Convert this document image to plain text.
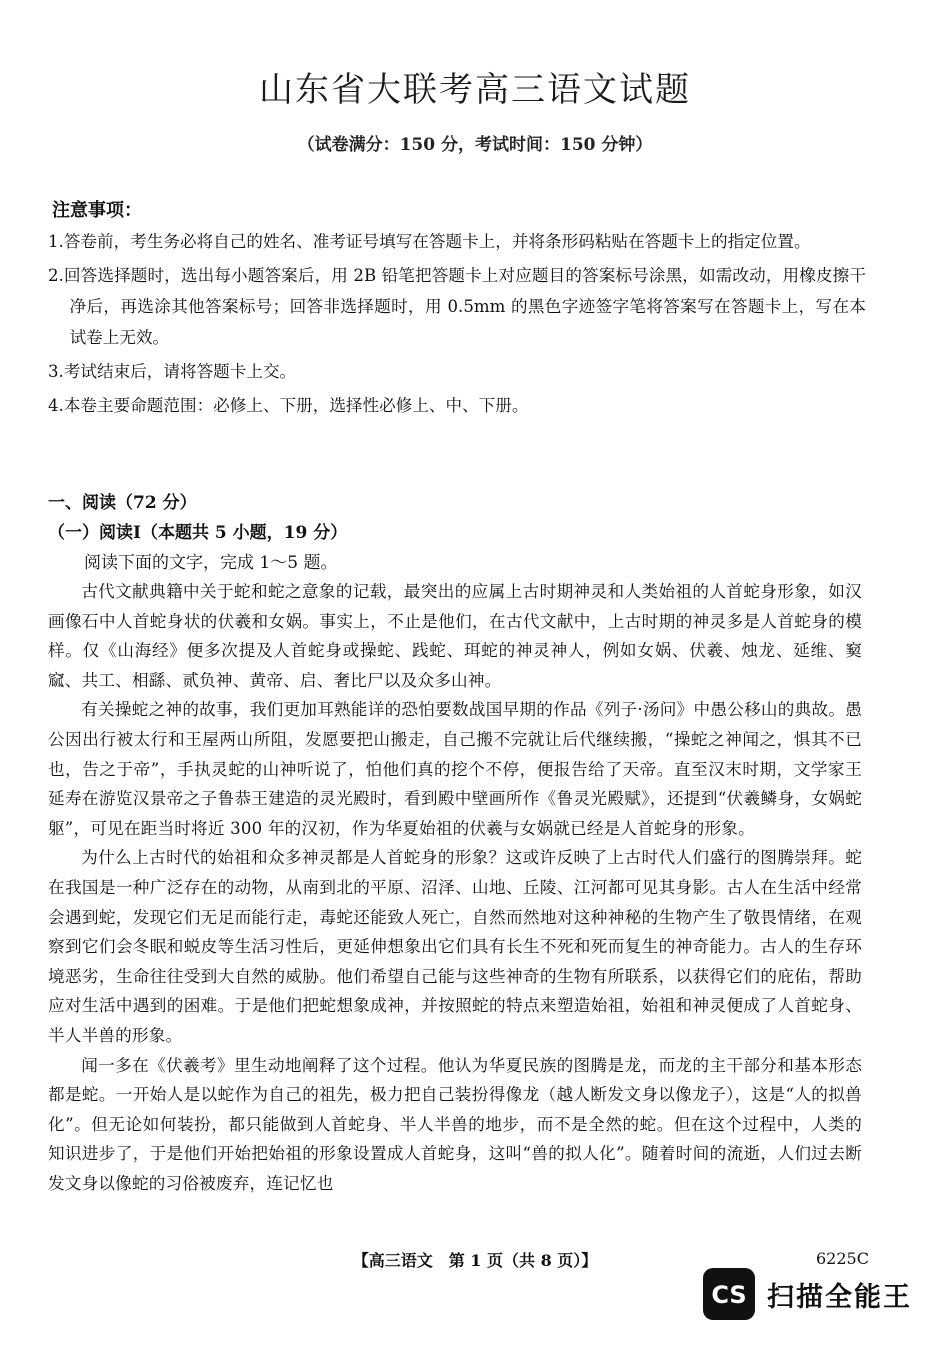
山东省大联考高三语文试题
（试卷满分：150 分，考试时间：150 分钟）
注意事项：

1.答卷前，考生务必将自己的姓名、准考证号填写在答题卡上，并将条形码粘贴在答题卡上的指定位置。

2.回答选择题时，选出每小题答案后，用 2B 铅笔把答题卡上对应题目的答案标号涂黑，如需改动，用橡皮擦干净后，再选涂其他答案标号；回答非选择题时，用 0.5mm 的黑色字迹签字笔将答案写在答题卡上，写在本试卷上无效。

3.考试结束后，请将答题卡上交。

4.本卷主要命题范围：必修上、下册，选择性必修上、中、下册。

一、阅读（72 分）
（一）阅读Ⅰ（本题共 5 小题，19 分）
阅读下面的文字，完成 1～5 题。

古代文献典籍中关于蛇和蛇之意象的记载，最突出的应属上古时期神灵和人类始祖的人首蛇身形象，如汉画像石中人首蛇身状的伏羲和女娲。事实上，不止是他们，在古代文献中，上古时期的神灵多是人首蛇身的模样。仅《山海经》便多次提及人首蛇身或操蛇、践蛇、珥蛇的神灵神人，例如女娲、伏羲、烛龙、延维、窫窳、共工、相繇、贰负神、黄帝、启、奢比尸以及众多山神。

有关操蛇之神的故事，我们更加耳熟能详的恐怕要数战国早期的作品《列子·汤问》中愚公移山的典故。愚公因出行被太行和王屋两山所阻，发愿要把山搬走，自己搬不完就让后代继续搬，“操蛇之神闻之，惧其不已也，告之于帝”，手执灵蛇的山神听说了，怕他们真的挖个不停，便报告给了天帝。直至汉末时期，文学家王延寿在游览汉景帝之子鲁恭王建造的灵光殿时，看到殿中壁画所作《鲁灵光殿赋》，还提到“伏羲鳞身，女娲蛇躯”，可见在距当时将近 300 年的汉初，作为华夏始祖的伏羲与女娲就已经是人首蛇身的形象。

为什么上古时代的始祖和众多神灵都是人首蛇身的形象？这或许反映了上古时代人们盛行的图腾崇拜。蛇在我国是一种广泛存在的动物，从南到北的平原、沼泽、山地、丘陵、江河都可见其身影。古人在生活中经常会遇到蛇，发现它们无足而能行走，毒蛇还能致人死亡，自然而然地对这种神秘的生物产生了敬畏情绪，在观察到它们会冬眠和蜕皮等生活习性后，更延伸想象出它们具有长生不死和死而复生的神奇能力。古人的生存环境恶劣，生命往往受到大自然的威胁。他们希望自己能与这些神奇的生物有所联系，以获得它们的庇佑，帮助应对生活中遇到的困难。于是他们把蛇想象成神，并按照蛇的特点来塑造始祖，始祖和神灵便成了人首蛇身、半人半兽的形象。

闻一多在《伏羲考》里生动地阐释了这个过程。他认为华夏民族的图腾是龙，而龙的主干部分和基本形态都是蛇。一开始人是以蛇作为自己的祖先，极力把自己装扮得像龙（越人断发文身以像龙子），这是“人的拟兽化”。但无论如何装扮，都只能做到人首蛇身、半人半兽的地步，而不是全然的蛇。但在这个过程中，人类的知识进步了，于是他们开始把始祖的形象设置成人首蛇身，这叫“兽的拟人化”。随着时间的流逝，人们过去断发文身以像蛇的习俗被废弃，连记忆也

【高三语文　第 1 页（共 8 页）】	6225C
CS 扫描全能王
